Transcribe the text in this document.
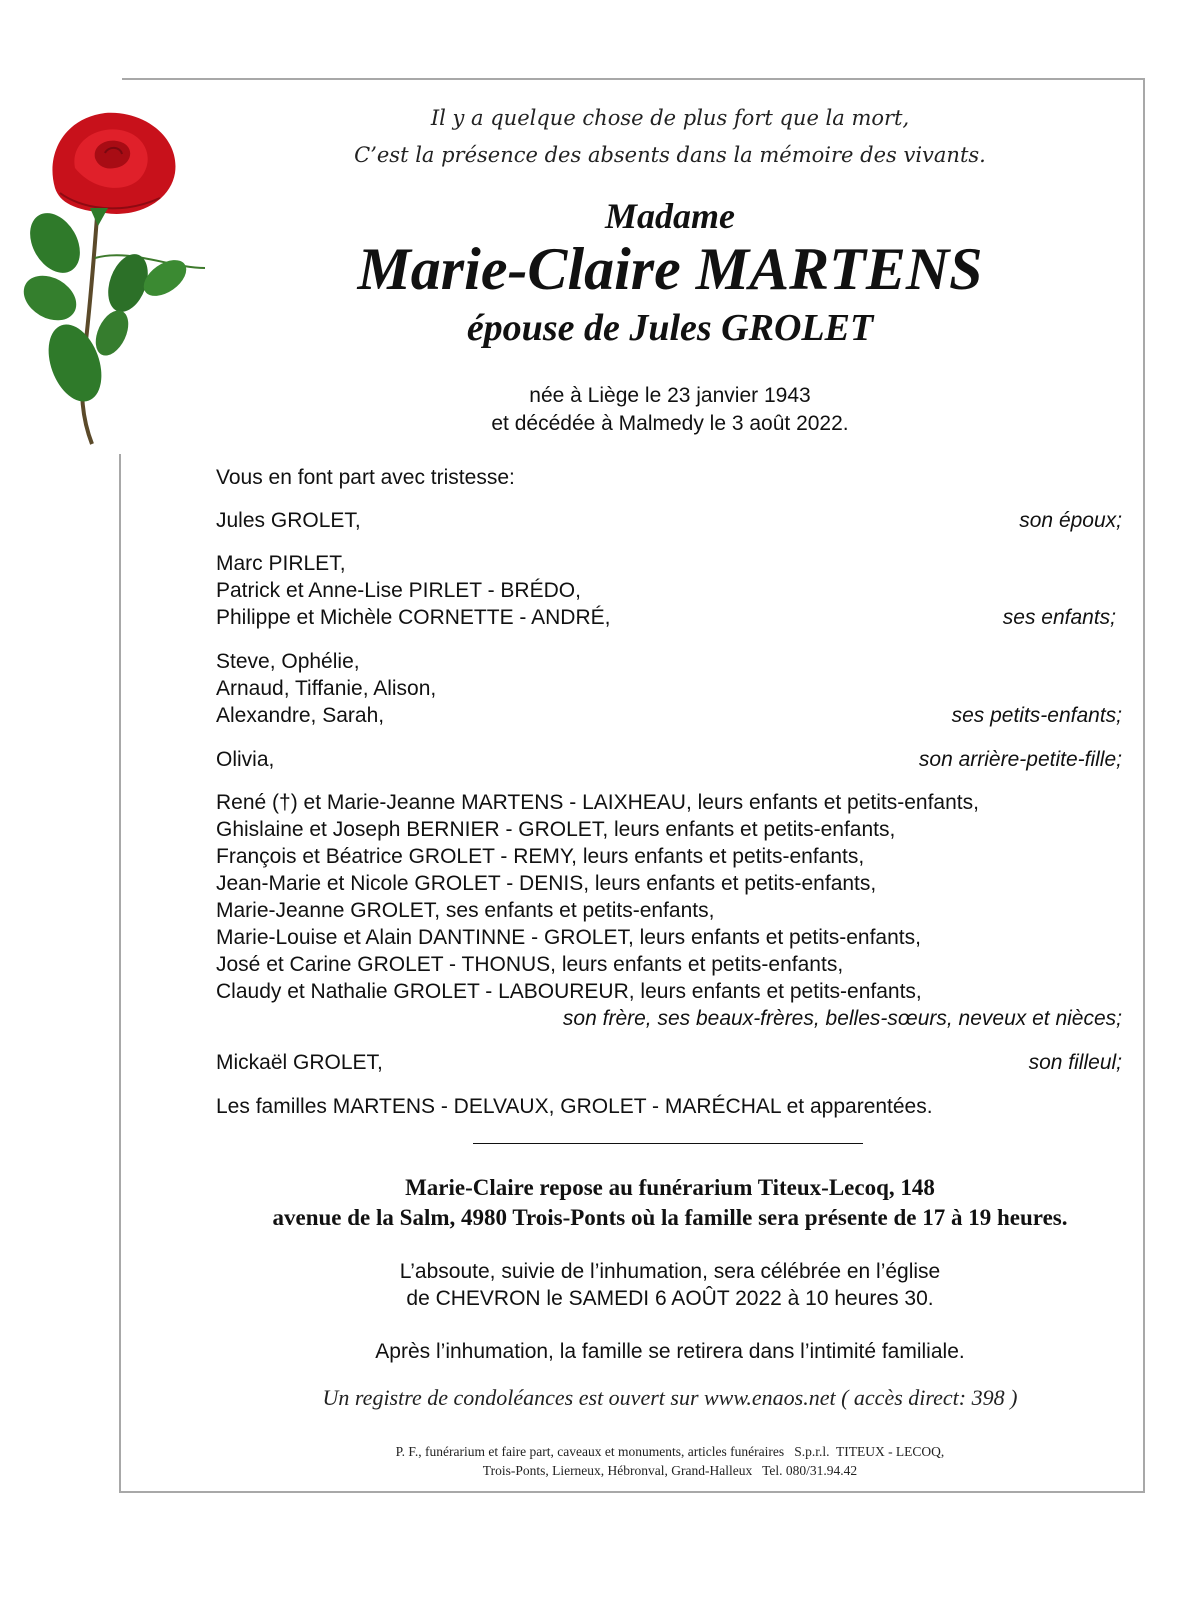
Il y a quelque chose de plus fort que la mort,
C’est la présence des absents dans la mémoire des vivants.
Madame
Marie-Claire MARTENS
épouse de Jules GROLET
née à Liège le 23 janvier 1943
et décédée à Malmedy le 3 août 2022.
Vous en font part avec tristesse:
Jules GROLET,	son époux;
Marc PIRLET,
Patrick et Anne-Lise PIRLET - BRÉDO,
Philippe et Michèle CORNETTE - ANDRÉ,	ses enfants;
Steve, Ophélie,
Arnaud, Tiffanie, Alison,
Alexandre, Sarah,	ses petits-enfants;
Olivia,	son arrière-petite-fille;
René (†) et Marie-Jeanne MARTENS - LAIXHEAU, leurs enfants et petits-enfants,
Ghislaine et Joseph BERNIER - GROLET, leurs enfants et petits-enfants,
François et Béatrice GROLET - REMY, leurs enfants et petits-enfants,
Jean-Marie et Nicole GROLET - DENIS, leurs enfants et petits-enfants,
Marie-Jeanne GROLET, ses enfants et petits-enfants,
Marie-Louise et Alain DANTINNE - GROLET, leurs enfants et petits-enfants,
José et Carine GROLET - THONUS, leurs enfants et petits-enfants,
Claudy et Nathalie GROLET - LABOUREUR, leurs enfants et petits-enfants,
son frère, ses beaux-frères, belles-sœurs, neveux et nièces;
Mickaël GROLET,	son filleul;
Les familles MARTENS - DELVAUX, GROLET - MARÉCHAL et apparentées.
Marie-Claire repose au funérarium Titeux-Lecoq, 148
avenue de la Salm, 4980 Trois-Ponts où la famille sera présente de 17 à 19 heures.
L’absoute, suivie de l’inhumation, sera célébrée en l’église
de CHEVRON le SAMEDI 6 AOÛT 2022 à 10 heures 30.
Après l’inhumation, la famille se retirera dans l’intimité familiale.
Un registre de condoléances est ouvert sur www.enaos.net ( accès direct: 398 )
P. F., funérarium et faire part, caveaux et monuments, articles funéraires   S.p.r.l.  TITEUX - LECOQ,
Trois-Ponts, Lierneux, Hébronval, Grand-Halleux   Tel. 080/31.94.42
